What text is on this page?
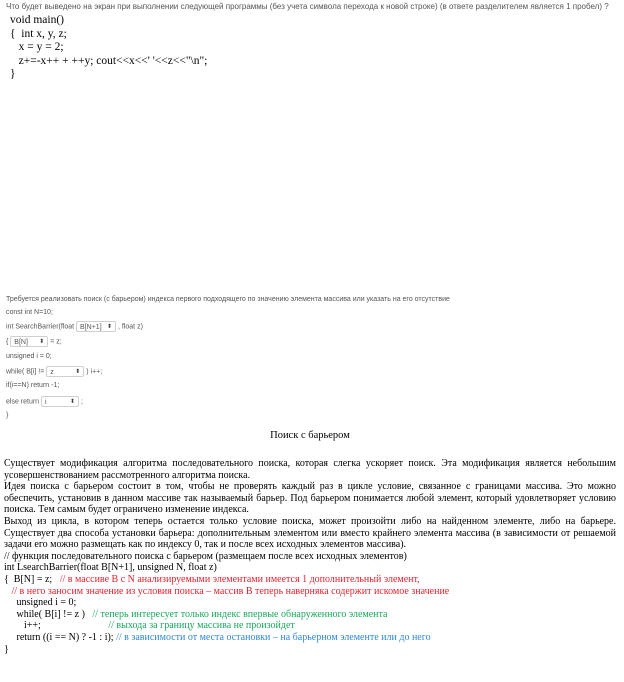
Что будет выведено на экран при выполнении следующей программы (без учета символа перехода к новой строке) (в ответе разделителем является 1 пробел) ?
void main()
{  int x, y, z;
x = y = 2;
z+=-x++ + ++y; cout<<x<<' '<<z<<"\n";
}
Требуется реализовать поиск (с барьером) индекса первого подходящего по значению элемента массива или указать на его отсутствие
const int N=10;
int SearchBarrier(float B[N+1] ⬍ , float z)
{ B[N] ⬍ = z;
unsigned i = 0;
while( B[i] != z	⬍ ) i++;
if(i==N) return -1;
else return i	⬍ ;
}
Поиск с барьером

Существует модификация алгоритма последовательного поиска, которая слегка ускоряет поиск. Эта модификация является небольшим усовершенствованием рассмотренного алгоритма поиска.

Идея поиска с барьером состоит в том, чтобы не проверять каждый раз в цикле условие, связанное с границами массива. Это можно обеспечить, установив в данном массиве так называемый барьер. Под барьером понимается любой элемент, который удовлетворяет условию поиска. Тем самым будет ограничено изменение индекса.

Выход из цикла, в котором теперь остается только условие поиска, может произойти либо на найденном элементе, либо на барьере. Существует два способа установки барьера: дополнительным элементом или вместо крайнего элемента массива (в зависимости от решаемой задачи его можно размещать как по индексу 0, так и после всех исходных элементов массива).

// функция последовательного поиска с барьером (размещаем после всех исходных элементов)
int LsearchBarrier(float B[N+1], unsigned N, float z)
{  B[N] = z;   // в массиве B с N анализируемыми элементами имеется 1 дополнительный элемент,
// в него заносим значение из условия поиска – массив B теперь наверняка содержит искомое значение
unsigned i = 0;
while( B[i] != z )   // теперь интересует только индекс впервые обнаруженного элемента
i++;                           // выхода за границу массива не произойдет
return ((i == N) ? -1 : i); // в зависимости от места остановки – на барьерном элементе или до него
}
